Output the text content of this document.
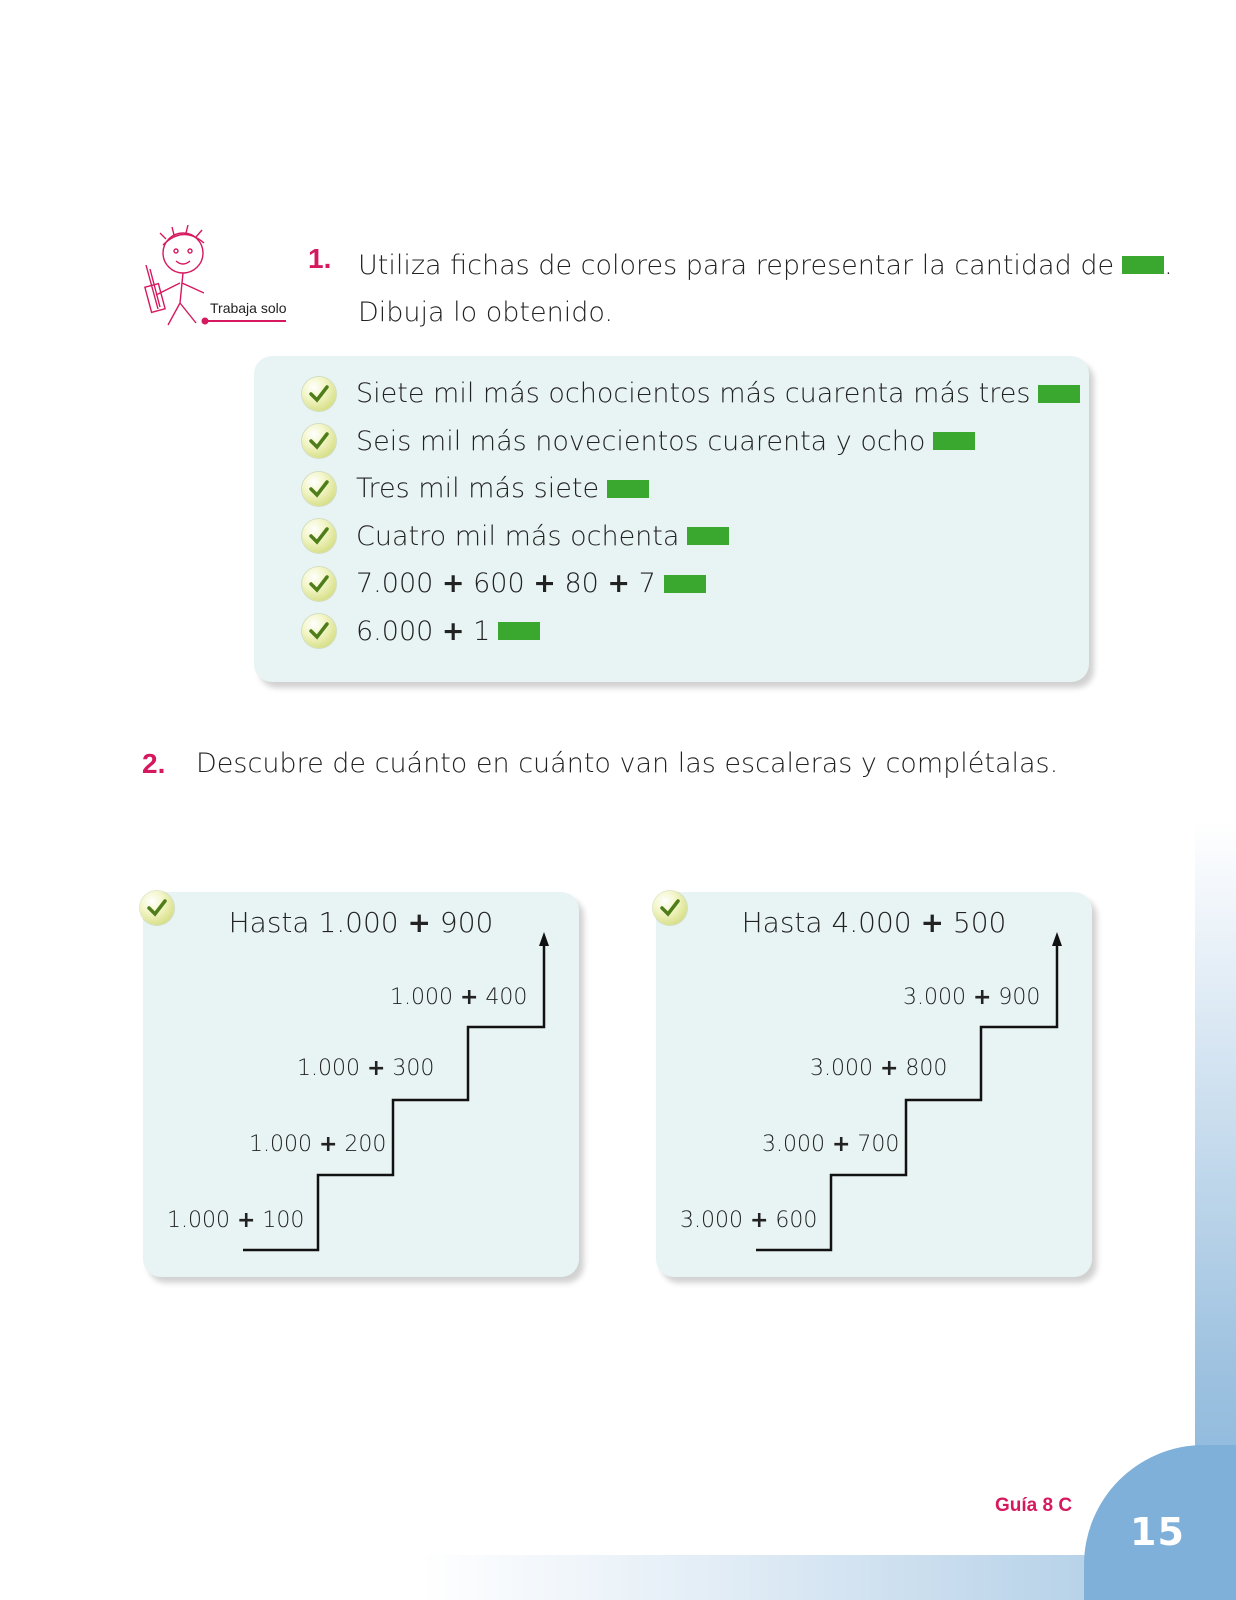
15
Guía 8 C
Trabaja solo
1. Utiliza fichas de colores para representar la cantidad de .
Dibuja lo obtenido.
Siete mil más ochocientos más cuarenta más tres
Seis mil más novecientos cuarenta y ocho
Tres mil más siete
Cuatro mil más ochenta
7.000
+
600
+
80
+
7
6.000
+
1
2. Descubre de cuánto en cuánto van las escaleras y complétalas.
Hasta 1.000 + 900
1.000 + 100
1.000 + 200
1.000 + 300
1.000 + 400
Hasta 4.000 + 500
3.000 + 600
3.000 + 700
3.000 + 800
3.000 + 900
